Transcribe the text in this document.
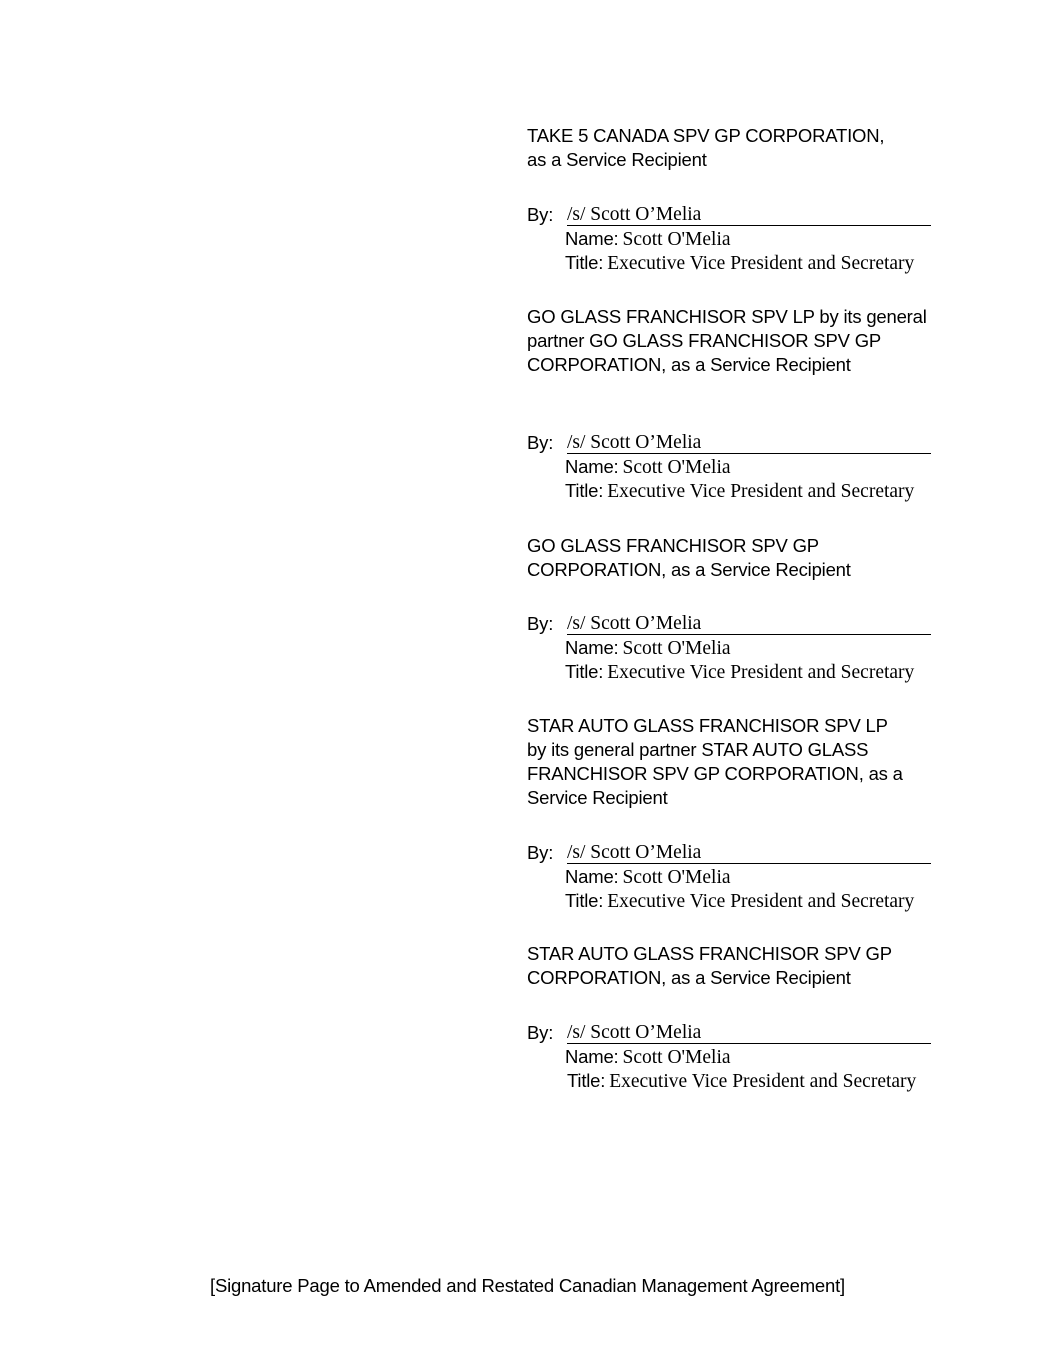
TAKE 5 CANADA SPV GP CORPORATION,
as a Service Recipient
By: /s/ Scott O’Melia
Name: Scott O'Melia
Title: Executive Vice President and Secretary
GO GLASS FRANCHISOR SPV LP by its general
partner GO GLASS FRANCHISOR SPV GP
CORPORATION, as a Service Recipient
By: /s/ Scott O’Melia
Name: Scott O'Melia
Title: Executive Vice President and Secretary
GO GLASS FRANCHISOR SPV GP
CORPORATION, as a Service Recipient
By: /s/ Scott O’Melia
Name: Scott O'Melia
Title: Executive Vice President and Secretary
STAR AUTO GLASS FRANCHISOR SPV LP
by its general partner STAR AUTO GLASS
FRANCHISOR SPV GP CORPORATION, as a
Service Recipient
By: /s/ Scott O’Melia
Name: Scott O'Melia
Title: Executive Vice President and Secretary
STAR AUTO GLASS FRANCHISOR SPV GP
CORPORATION, as a Service Recipient
By: /s/ Scott O’Melia
Name: Scott O'Melia
Title: Executive Vice President and Secretary
[Signature Page to Amended and Restated Canadian Management Agreement]
